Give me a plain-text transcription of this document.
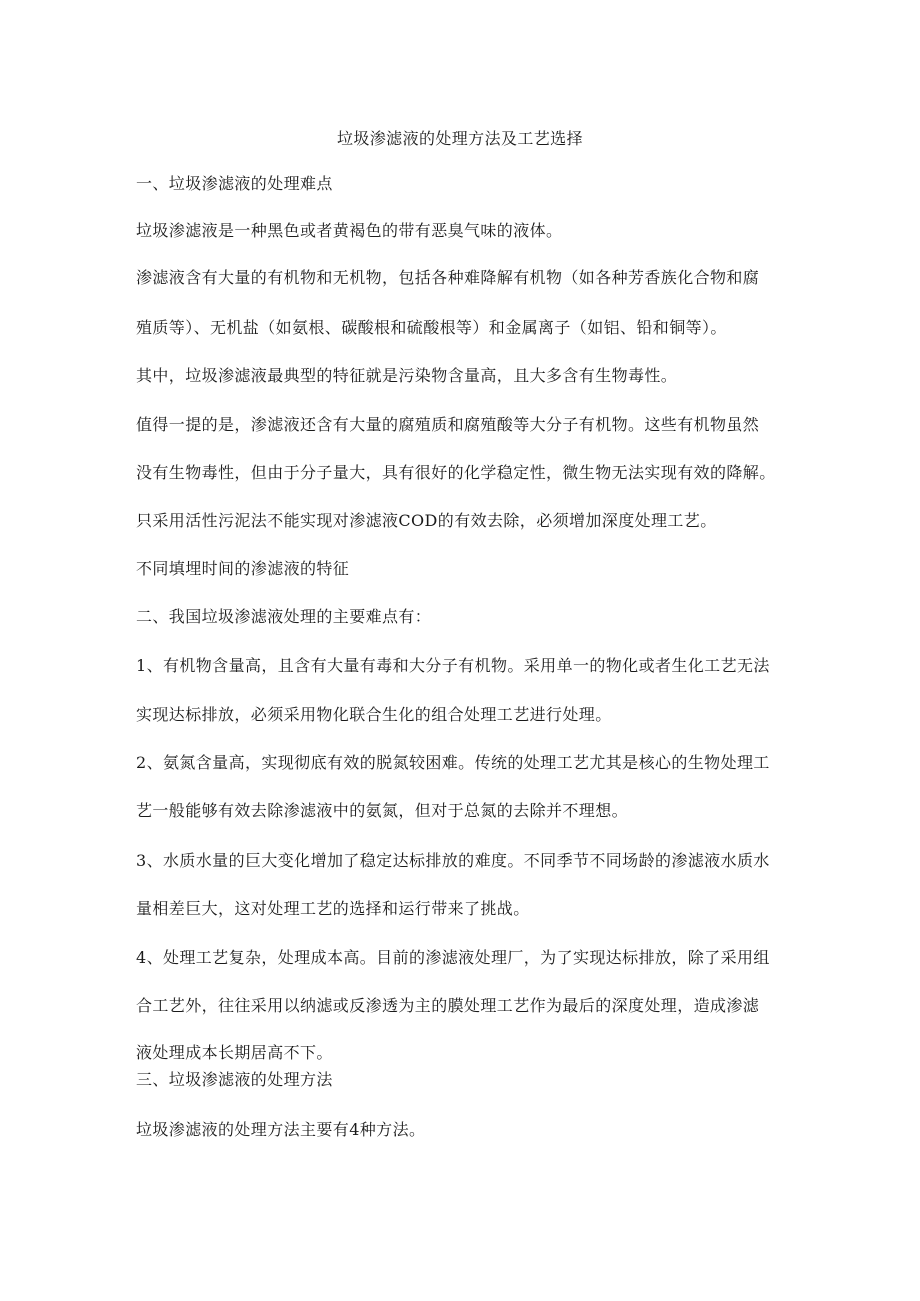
垃圾渗滤液的处理方法及工艺选择
一、垃圾渗滤液的处理难点
垃圾渗滤液是一种黑色或者黄褐色的带有恶臭气味的液体。
渗滤液含有大量的有机物和无机物，包括各种难降解有机物（如各种芳香族化合物和腐
殖质等）、无机盐（如氨根、碳酸根和硫酸根等）和金属离子（如铝、铅和铜等）。
其中，垃圾渗滤液最典型的特征就是污染物含量高，且大多含有生物毒性。
值得一提的是，渗滤液还含有大量的腐殖质和腐殖酸等大分子有机物。这些有机物虽然
没有生物毒性，但由于分子量大，具有很好的化学稳定性，微生物无法实现有效的降解。
只采用活性污泥法不能实现对渗滤液COD的有效去除，必须增加深度处理工艺。
不同填埋时间的渗滤液的特征
二、我国垃圾渗滤液处理的主要难点有：
1、有机物含量高，且含有大量有毒和大分子有机物。采用单一的物化或者生化工艺无法
实现达标排放，必须采用物化联合生化的组合处理工艺进行处理。
2、氨氮含量高，实现彻底有效的脱氮较困难。传统的处理工艺尤其是核心的生物处理工
艺一般能够有效去除渗滤液中的氨氮，但对于总氮的去除并不理想。
3、水质水量的巨大变化增加了稳定达标排放的难度。不同季节不同场龄的渗滤液水质水
量相差巨大，这对处理工艺的选择和运行带来了挑战。
4、处理工艺复杂，处理成本高。目前的渗滤液处理厂，为了实现达标排放，除了采用组
合工艺外，往往采用以纳滤或反渗透为主的膜处理工艺作为最后的深度处理，造成渗滤
液处理成本长期居高不下。
三、垃圾渗滤液的处理方法
垃圾渗滤液的处理方法主要有4种方法。
